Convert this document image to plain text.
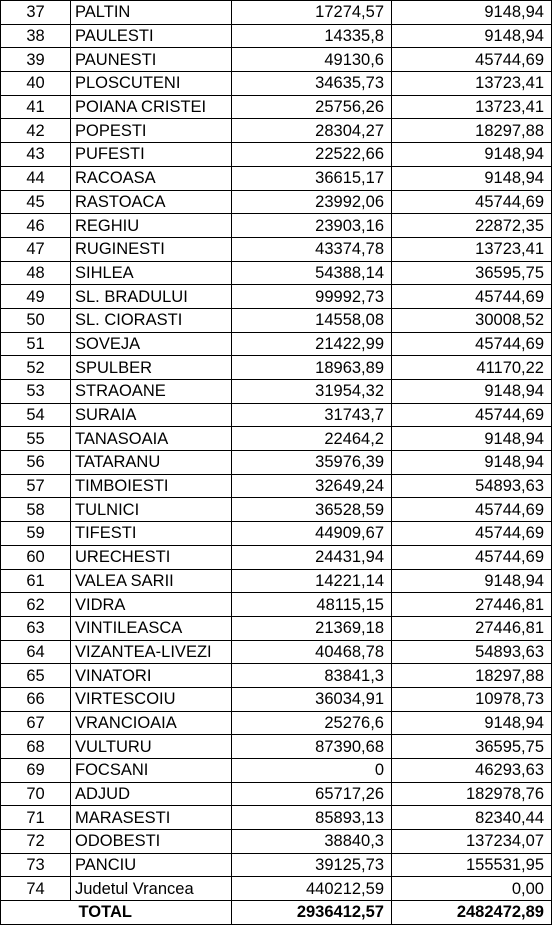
37	PALTIN	17274,57	9148,94
38	PAULESTI	14335,8	9148,94
39	PAUNESTI	49130,6	45744,69
40	PLOSCUTENI	34635,73	13723,41
41	POIANA CRISTEI	25756,26	13723,41
42	POPESTI	28304,27	18297,88
43	PUFESTI	22522,66	9148,94
44	RACOASA	36615,17	9148,94
45	RASTOACA	23992,06	45744,69
46	REGHIU	23903,16	22872,35
47	RUGINESTI	43374,78	13723,41
48	SIHLEA	54388,14	36595,75
49	SL. BRADULUI	99992,73	45744,69
50	SL. CIORASTI	14558,08	30008,52
51	SOVEJA	21422,99	45744,69
52	SPULBER	18963,89	41170,22
53	STRAOANE	31954,32	9148,94
54	SURAIA	31743,7	45744,69
55	TANASOAIA	22464,2	9148,94
56	TATARANU	35976,39	9148,94
57	TIMBOIESTI	32649,24	54893,63
58	TULNICI	36528,59	45744,69
59	TIFESTI	44909,67	45744,69
60	URECHESTI	24431,94	45744,69
61	VALEA SARII	14221,14	9148,94
62	VIDRA	48115,15	27446,81
63	VINTILEASCA	21369,18	27446,81
64	VIZANTEA-LIVEZI	40468,78	54893,63
65	VINATORI	83841,3	18297,88
66	VIRTESCOIU	36034,91	10978,73
67	VRANCIOAIA	25276,6	9148,94
68	VULTURU	87390,68	36595,75
69	FOCSANI	0	46293,63
70	ADJUD	65717,26	182978,76
71	MARASESTI	85893,13	82340,44
72	ODOBESTI	38840,3	137234,07
73	PANCIU	39125,73	155531,95
74	Judetul Vrancea	440212,59	0,00
	TOTAL	2936412,57	2482472,89
